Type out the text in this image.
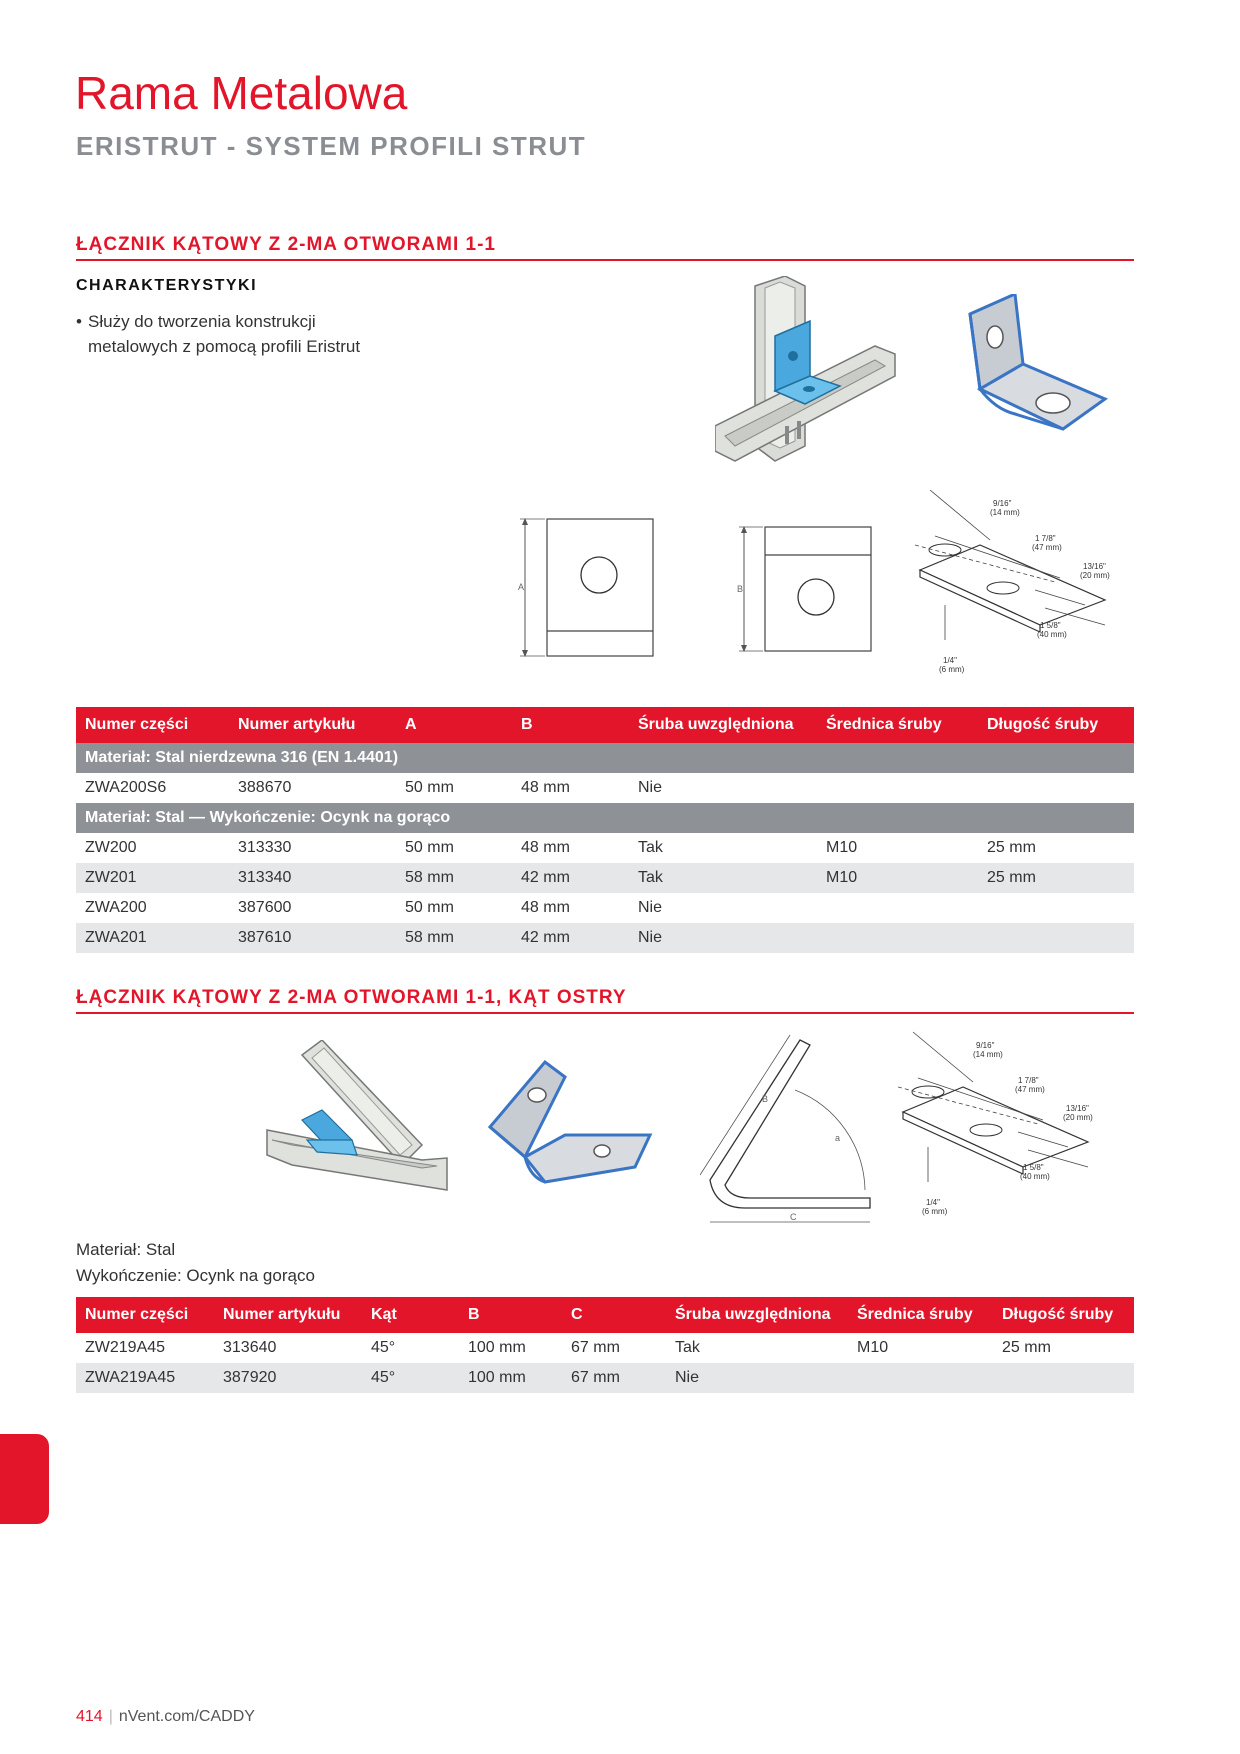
Rama Metalowa
ERISTRUT - SYSTEM PROFILI STRUT
ŁĄCZNIK KĄTOWY Z 2-MA OTWORAMI 1-1
CHARAKTERYSTYKI
• Służy do tworzenia konstrukcji metalowych z pomocą profili Eristrut
A	B
9/16"
(14 mm)
1 7/8"
(47 mm)
13/16"
(20 mm)
1 5/8"
(40 mm)
1/4"
(6 mm)
Numer części	Numer artykułu	A	B	Śruba uwzględniona	Średnica śruby	Długość śruby
Materiał: Stal nierdzewna 316 (EN 1.4401)						
ZWA200S6	388670	50 mm	48 mm	Nie		
Materiał: Stal — Wykończenie: Ocynk na gorąco						
ZW200	313330	50 mm	48 mm	Tak	M10	25 mm
ZW201	313340	58 mm	42 mm	Tak	M10	25 mm
ZWA200	387600	50 mm	48 mm	Nie		
ZWA201	387610	58 mm	42 mm	Nie		
ŁĄCZNIK KĄTOWY Z 2-MA OTWORAMI 1-1, KĄT OSTRY
B
a
C
9/16"
(14 mm)
1 7/8"
(47 mm)
13/16"
(20 mm)
1 5/8"
(40 mm)
1/4"
(6 mm)
Materiał: Stal
Wykończenie: Ocynk na gorąco
Numer części	Numer artykułu	Kąt	B	C	Śruba uwzględniona	Średnica śruby	Długość śruby
ZW219A45	313640	45°	100 mm	67 mm	Tak	M10	25 mm
ZWA219A45	387920	45°	100 mm	67 mm	Nie		
414 | nVent.com/CADDY
